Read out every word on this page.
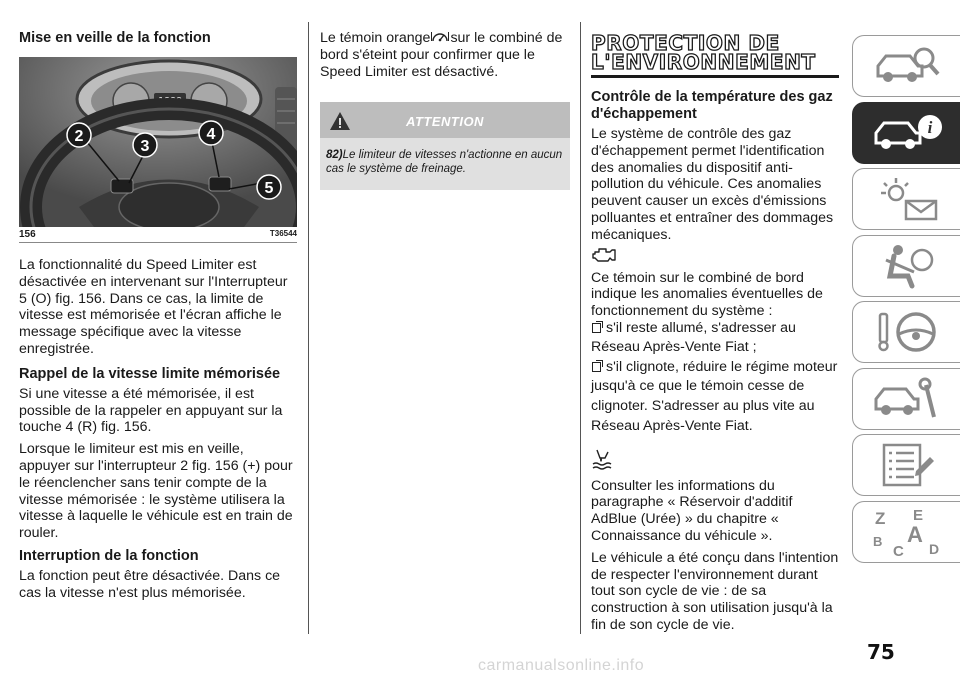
Mise en veille de la fonction
1888
2
3
4
5
156	T36544

La fonctionnalité du Speed Limiter est désactivée en intervenant sur l'Interrupteur 5 (O) fig. 156. Dans ce cas, la limite de vitesse est mémorisée et l'écran affiche le message spécifique avec la vitesse enregistrée.

Rappel de la vitesse limite mémorisée

Si une vitesse a été mémorisée, il est possible de la rappeler en appuyant sur la touche 4 (R) fig. 156.

Lorsque le limiteur est mis en veille, appuyer sur l'interrupteur 2 fig. 156 (+) pour le réenclencher sans tenir compte de la vitesse mémorisée : le système utilisera la vitesse à laquelle le véhicule est en train de rouler.

Interruption de la fonction

La fonction peut être désactivée. Dans ce cas la vitesse n'est plus mémorisée.

Le témoin orange sur le combiné de bord s'éteint pour confirmer que le Speed Limiter est désactivé.

ATTENTION
82)Le limiteur de vitesses n'actionne en aucun cas le système de freinage.
PROTECTION DE
L'ENVIRONNEMENT
Contrôle de la température des gaz d'échappement

Le système de contrôle des gaz d'échappement permet l'identification des anomalies du dispositif anti-pollution du véhicule. Ces anomalies peuvent causer un excès d'émissions polluantes et entraîner des dommages mécaniques.

Ce témoin sur le combiné de bord indique les anomalies éventuelles de fonctionnement du système :

s'il reste allumé, s'adresser au
Réseau Après-Vente Fiat ;
s'il clignote, réduire le régime moteur
jusqu'à ce que le témoin cesse de
clignoter. S'adresser au plus vite au
Réseau Après-Vente Fiat.

Consulter les informations du paragraphe « Réservoir d'additif AdBlue (Urée) » du chapitre « Connaissance du véhicule ».

Le véhicule a été conçu dans l'intention de respecter l'environnement durant tout son cycle de vie : de sa construction à son utilisation jusqu'à la fin de son cycle de vie.

i
Z E
A
B
C D
75
carmanualsonline.info
